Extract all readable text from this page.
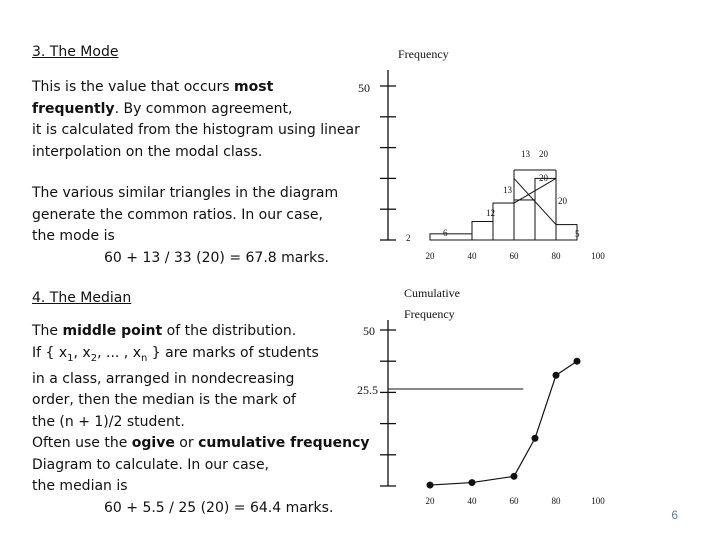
3. The Mode
This is the value that occurs most
frequently. By common agreement,
it is calculated from the histogram using linear
interpolation on the modal class.
The various similar triangles in the diagram
generate the common ratios. In our case,
the mode is
60 + 13 / 33 (20) = 67.8 marks.
4. The Median
The middle point of the distribution.
If { $x_1$, $x_2$, ... , $x_n$ } are marks of students
in a class, arranged in nondecreasing
order, then the median is the mark of
the (n + 1)/2 student.
Often use the ogive or cumulative frequency
Diagram to calculate. In our case,
the median is
60 + 5.5 / 25 (20) = 64.4 marks.
50
Frequency
2	6
12
13
20
5
13 20
20
20	40	60	80	100
50
25.5
Cumulative
Frequency
20	40	60	80	100
6
